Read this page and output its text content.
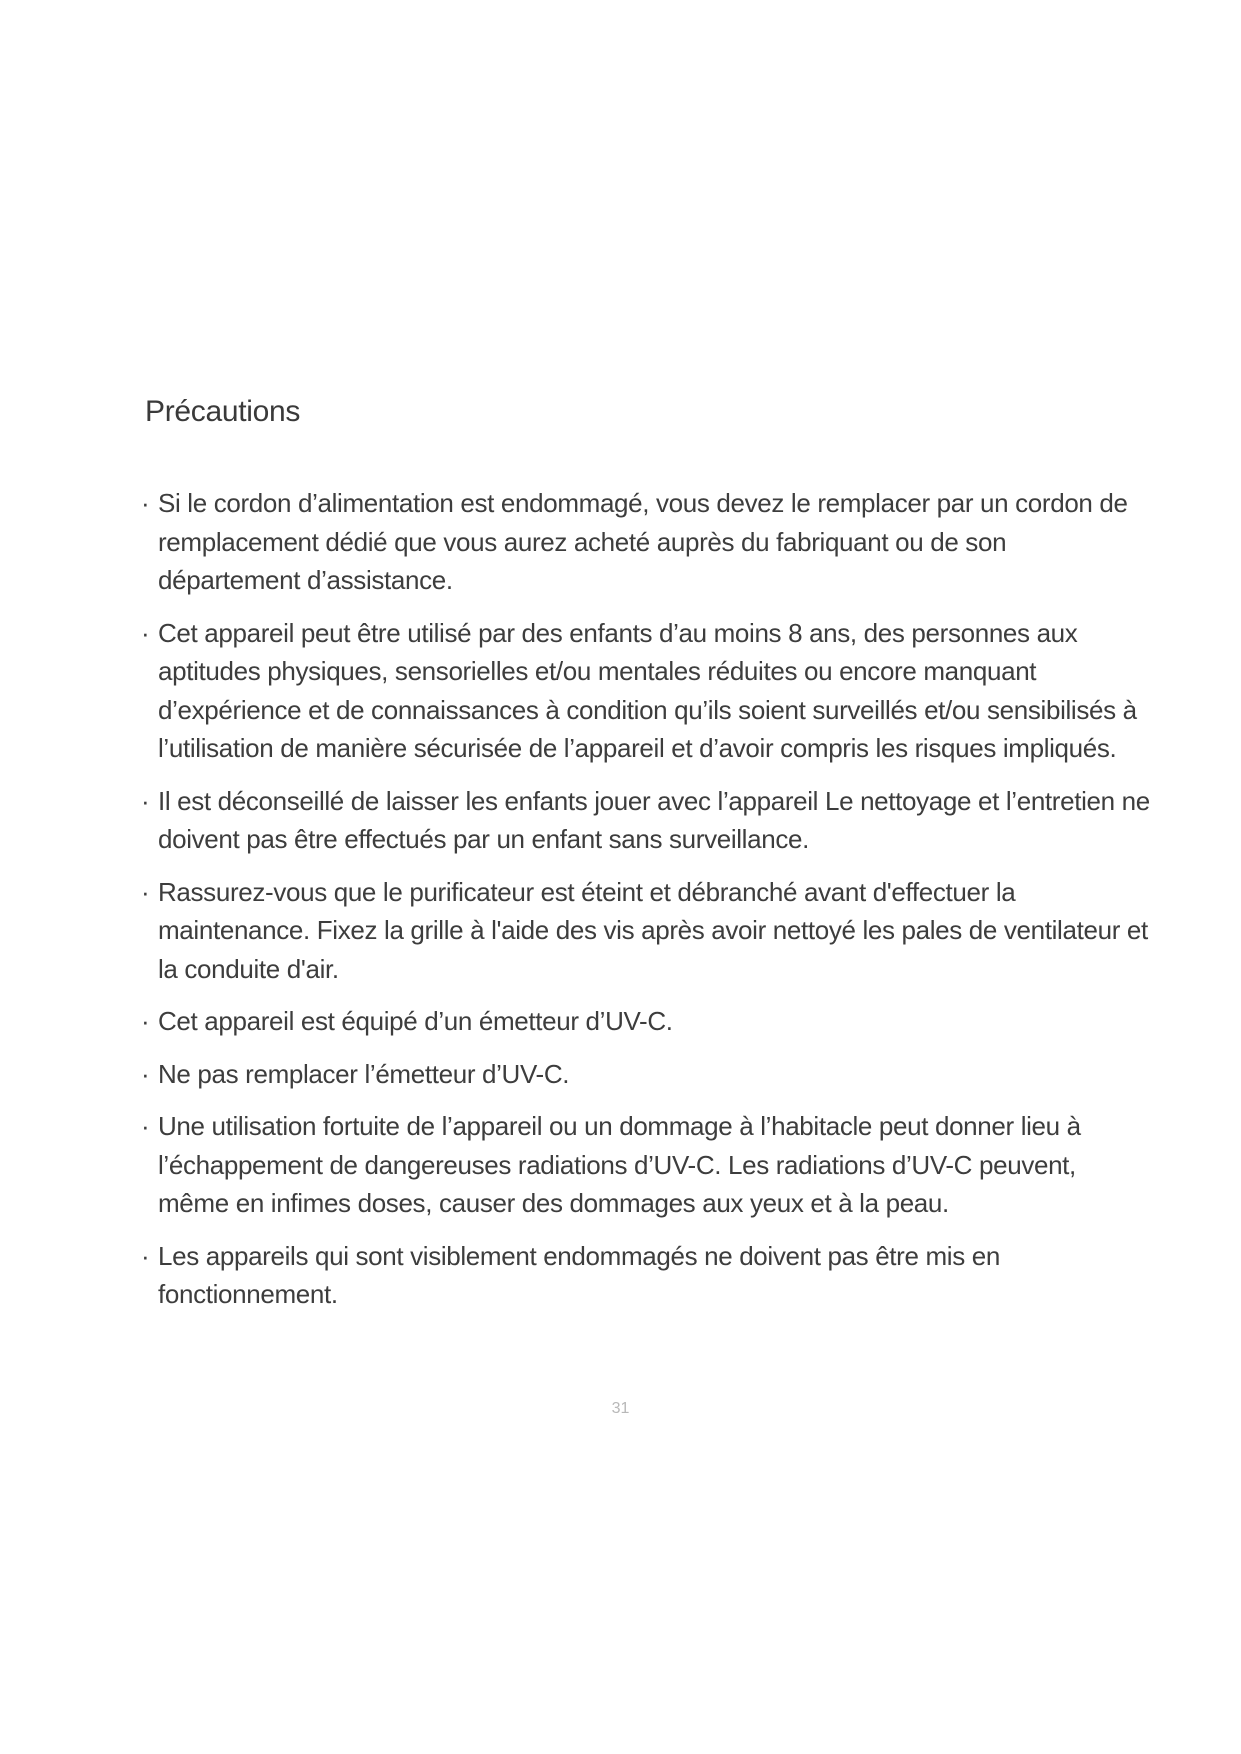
Précautions
· Si le cordon d’alimentation est endommagé, vous devez le remplacer par un cordon de remplacement dédié que vous aurez acheté auprès du fabriquant ou de son département d’assistance.
· Cet appareil peut être utilisé par des enfants d’au moins 8 ans, des personnes aux aptitudes physiques, sensorielles et/ou mentales réduites ou encore manquant d’expérience et de connaissances à condition qu’ils soient surveillés et/ou sensibilisés à l’utilisation de manière sécurisée de l’appareil et d’avoir compris les risques impliqués.
· Il est déconseillé de laisser les enfants jouer avec l’appareil Le nettoyage et l’entretien ne doivent pas être effectués par un enfant sans surveillance.
· Rassurez-vous que le purificateur est éteint et débranché avant d'effectuer la maintenance. Fixez la grille à l'aide des vis après avoir nettoyé les pales de ventilateur et la conduite d'air.
· Cet appareil est équipé d’un émetteur d’UV-C.
· Ne pas remplacer l’émetteur d’UV-C.
· Une utilisation fortuite de l’appareil ou un dommage à l’habitacle peut donner lieu à l’échappement de dangereuses radiations d’UV-C. Les radiations d’UV-C peuvent, même en infimes doses, causer des dommages aux yeux et à la peau.
· Les appareils qui sont visiblement endommagés ne doivent pas être mis en fonctionnement.
31
